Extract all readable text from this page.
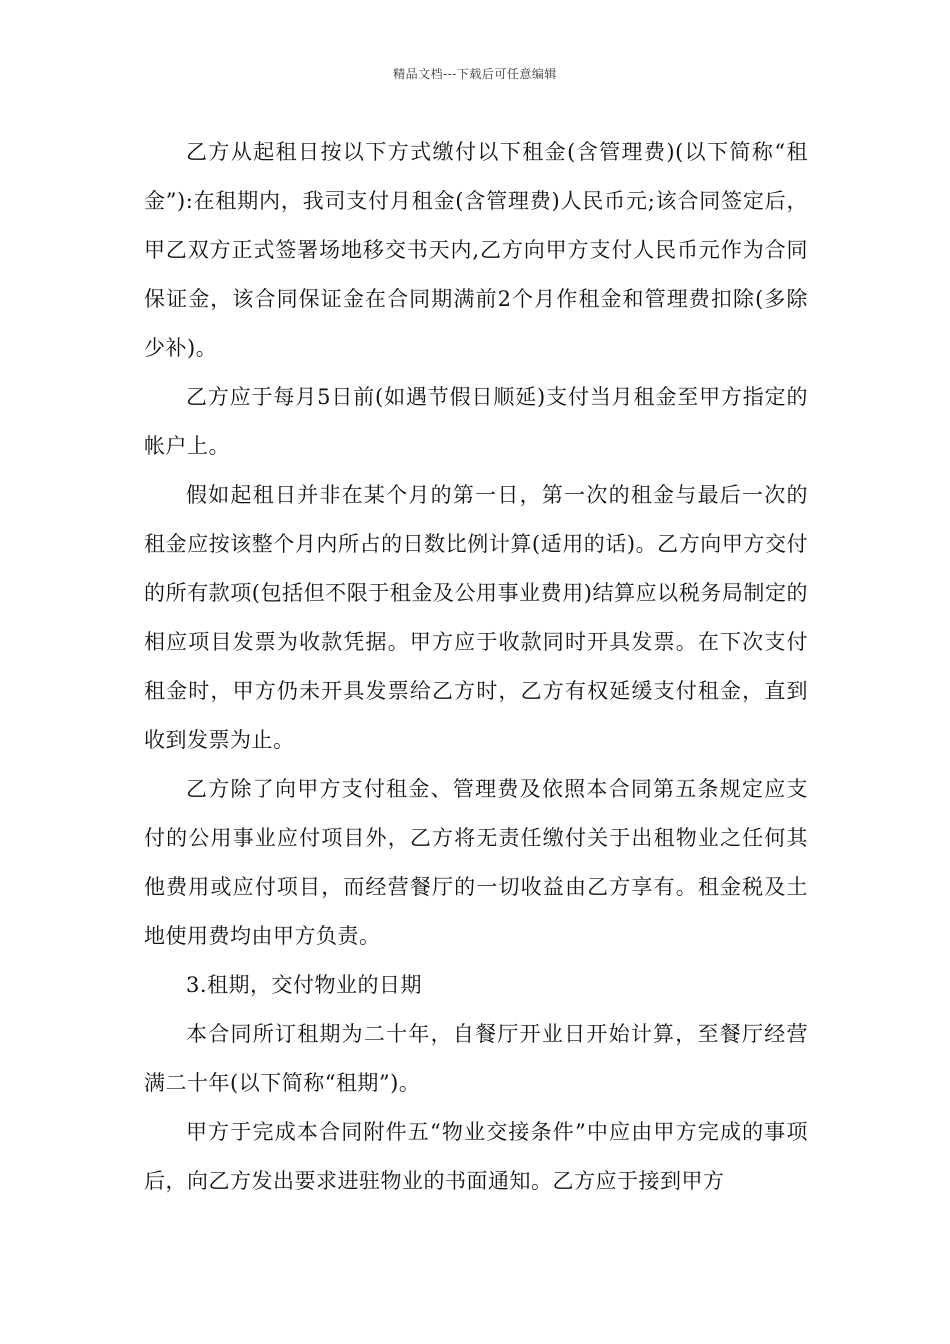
精品文档---下载后可任意编辑

乙方从起租日按以下方式缴付以下租金(含管理费)(以下简称“租金”):在租期内，我司支付月租金(含管理费)人民币元;该合同签定后，甲乙双方正式签署场地移交书天内,乙方向甲方支付人民币元作为合同保证金，该合同保证金在合同期满前2个月作租金和管理费扣除(多除少补)。

乙方应于每月5日前(如遇节假日顺延)支付当月租金至甲方指定的帐户上。

假如起租日并非在某个月的第一日，第一次的租金与最后一次的租金应按该整个月内所占的日数比例计算(适用的话)。乙方向甲方交付的所有款项(包括但不限于租金及公用事业费用)结算应以税务局制定的相应项目发票为收款凭据。甲方应于收款同时开具发票。在下次支付租金时，甲方仍未开具发票给乙方时，乙方有权延缓支付租金，直到收到发票为止。

乙方除了向甲方支付租金、管理费及依照本合同第五条规定应支付的公用事业应付项目外，乙方将无责任缴付关于出租物业之任何其他费用或应付项目，而经营餐厅的一切收益由乙方享有。租金税及土地使用费均由甲方负责。

3.租期，交付物业的日期

本合同所订租期为二十年，自餐厅开业日开始计算，至餐厅经营满二十年(以下简称“租期”)。

甲方于完成本合同附件五“物业交接条件”中应由甲方完成的事项后，向乙方发出要求进驻物业的书面通知。乙方应于接到甲方
